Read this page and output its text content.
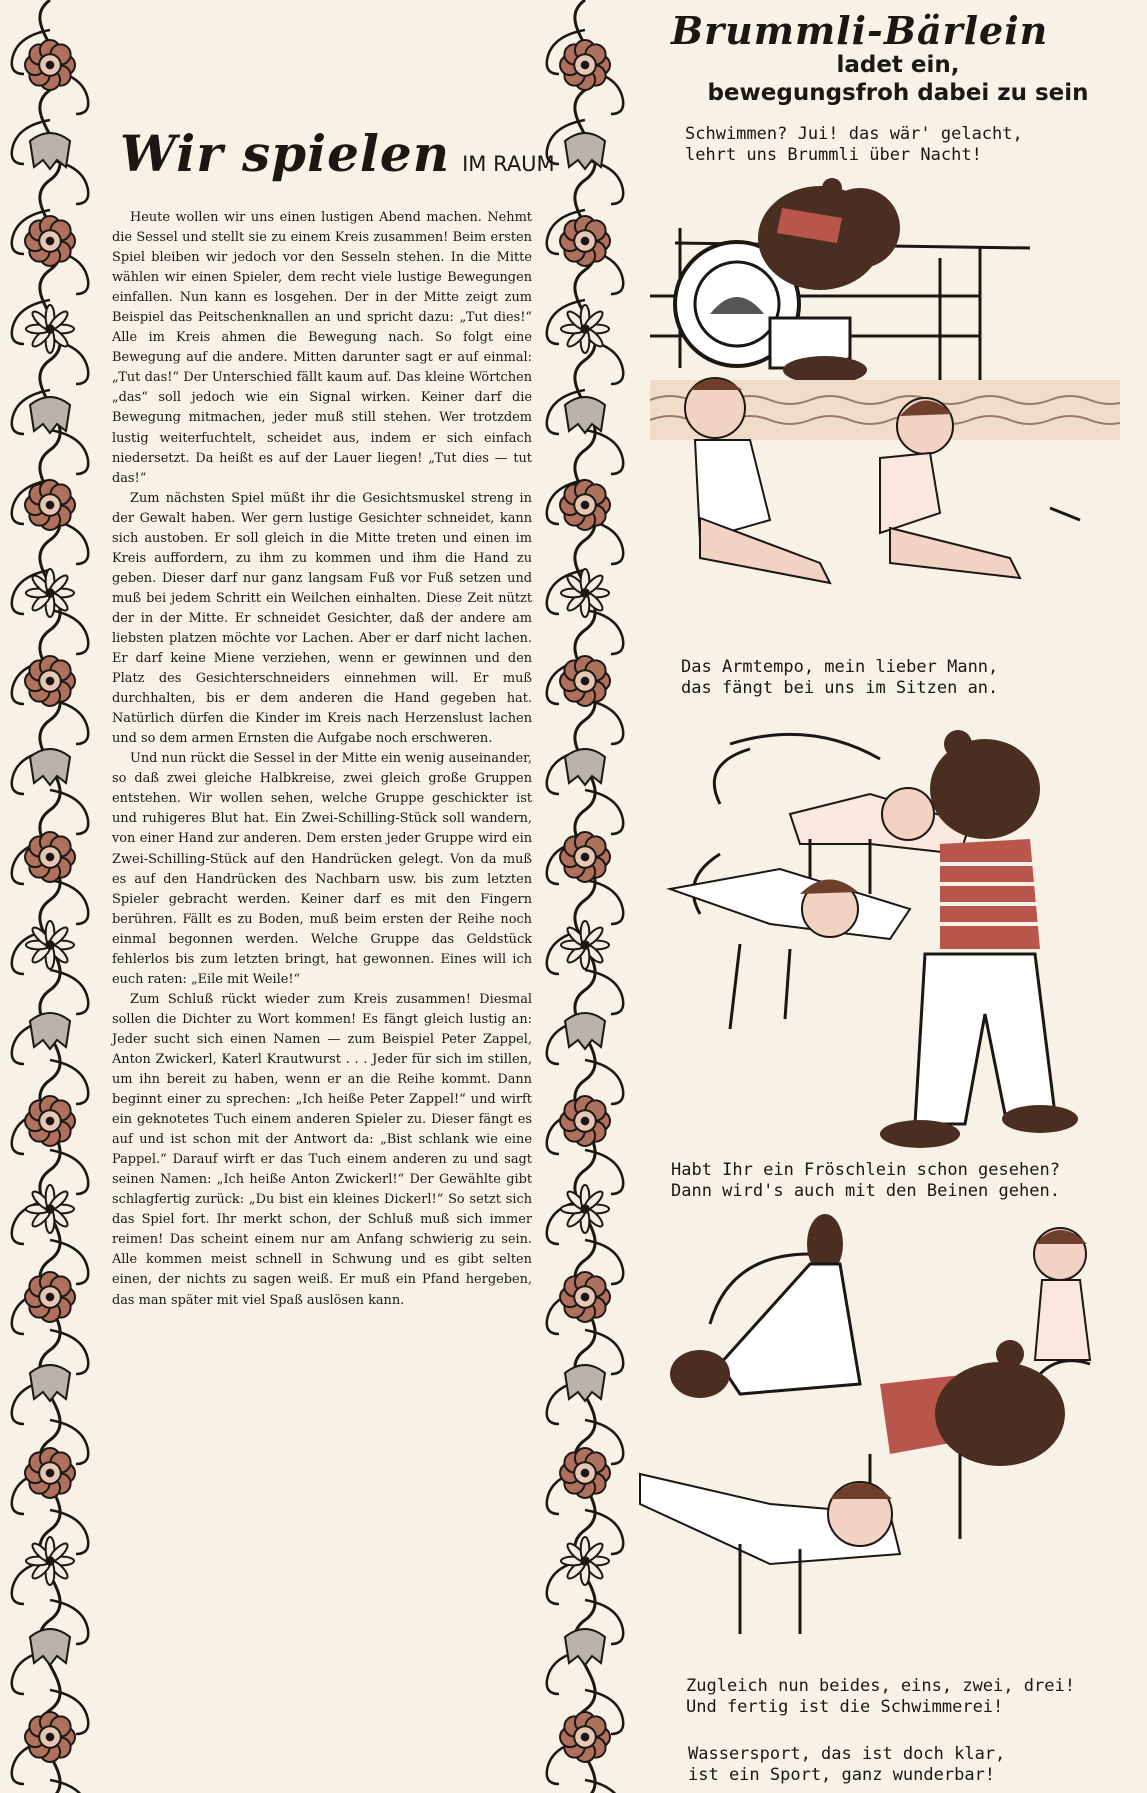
Wir spielen IM RAUM

Heute wollen wir uns einen lustigen Abend machen. Nehmt die Sessel und stellt sie zu einem Kreis zusammen! Beim ersten Spiel bleiben wir jedoch vor den Sesseln stehen. In die Mitte wählen wir einen Spieler, dem recht viele lustige Bewegungen einfallen. Nun kann es losgehen. Der in der Mitte zeigt zum Beispiel das Peitschenknallen an und spricht dazu: „Tut dies!“ Alle im Kreis ahmen die Bewegung nach. So folgt eine Bewegung auf die andere. Mitten darunter sagt er auf einmal: „Tut das!“ Der Unterschied fällt kaum auf. Das kleine Wörtchen „das“ soll jedoch wie ein Signal wirken. Keiner darf die Bewegung mitmachen, jeder muß still stehen. Wer trotzdem lustig weiterfuchtelt, scheidet aus, indem er sich einfach niedersetzt. Da heißt es auf der Lauer liegen! „Tut dies — tut das!“

Zum nächsten Spiel müßt ihr die Gesichtsmuskel streng in der Gewalt haben. Wer gern lustige Gesichter schneidet, kann sich austoben. Er soll gleich in die Mitte treten und einen im Kreis auffordern, zu ihm zu kommen und ihm die Hand zu geben. Dieser darf nur ganz langsam Fuß vor Fuß setzen und muß bei jedem Schritt ein Weilchen einhalten. Diese Zeit nützt der in der Mitte. Er schneidet Gesichter, daß der andere am liebsten platzen möchte vor Lachen. Aber er darf nicht lachen. Er darf keine Miene verziehen, wenn er gewinnen und den Platz des Gesichterschneiders einnehmen will. Er muß durchhalten, bis er dem anderen die Hand gegeben hat. Natürlich dürfen die Kinder im Kreis nach Herzenslust lachen und so dem armen Ernsten die Aufgabe noch erschweren.

Und nun rückt die Sessel in der Mitte ein wenig auseinander, so daß zwei gleiche Halbkreise, zwei gleich große Gruppen entstehen. Wir wollen sehen, welche Gruppe geschickter ist und ruhigeres Blut hat. Ein Zwei-Schilling-Stück soll wandern, von einer Hand zur anderen. Dem ersten jeder Gruppe wird ein Zwei-Schilling-Stück auf den Handrücken gelegt. Von da muß es auf den Handrücken des Nachbarn usw. bis zum letzten Spieler gebracht werden. Keiner darf es mit den Fingern berühren. Fällt es zu Boden, muß beim ersten der Reihe noch einmal begonnen werden. Welche Gruppe das Geldstück fehlerlos bis zum letzten bringt, hat gewonnen. Eines will ich euch raten: „Eile mit Weile!“

Zum Schluß rückt wieder zum Kreis zusammen! Diesmal sollen die Dichter zu Wort kommen! Es fängt gleich lustig an: Jeder sucht sich einen Namen — zum Beispiel Peter Zappel, Anton Zwickerl, Katerl Krautwurst . . . Jeder für sich im stillen, um ihn bereit zu haben, wenn er an die Reihe kommt. Dann beginnt einer zu sprechen: „Ich heiße Peter Zappel!“ und wirft ein geknotetes Tuch einem anderen Spieler zu. Dieser fängt es auf und ist schon mit der Antwort da: „Bist schlank wie eine Pappel.“ Darauf wirft er das Tuch einem anderen zu und sagt seinen Namen: „Ich heiße Anton Zwickerl!“ Der Gewählte gibt schlagfertig zurück: „Du bist ein kleines Dickerl!“ So setzt sich das Spiel fort. Ihr merkt schon, der Schluß muß sich immer reimen! Das scheint einem nur am Anfang schwierig zu sein. Alle kommen meist schnell in Schwung und es gibt selten einen, der nichts zu sagen weiß. Er muß ein Pfand hergeben, das man später mit viel Spaß auslösen kann.

Brummli-Bärlein
ladet ein,
bewegungsfroh dabei zu sein
Schwimmen? Jui! das wär' gelacht,
lehrt uns Brummli über Nacht!
Das Armtempo, mein lieber Mann,
das fängt bei uns im Sitzen an.
Habt Ihr ein Fröschlein schon gesehen?
Dann wird's auch mit den Beinen gehen.
Zugleich nun beides, eins, zwei, drei!
Und fertig ist die Schwimmerei!
Wassersport, das ist doch klar,
ist ein Sport, ganz wunderbar!
